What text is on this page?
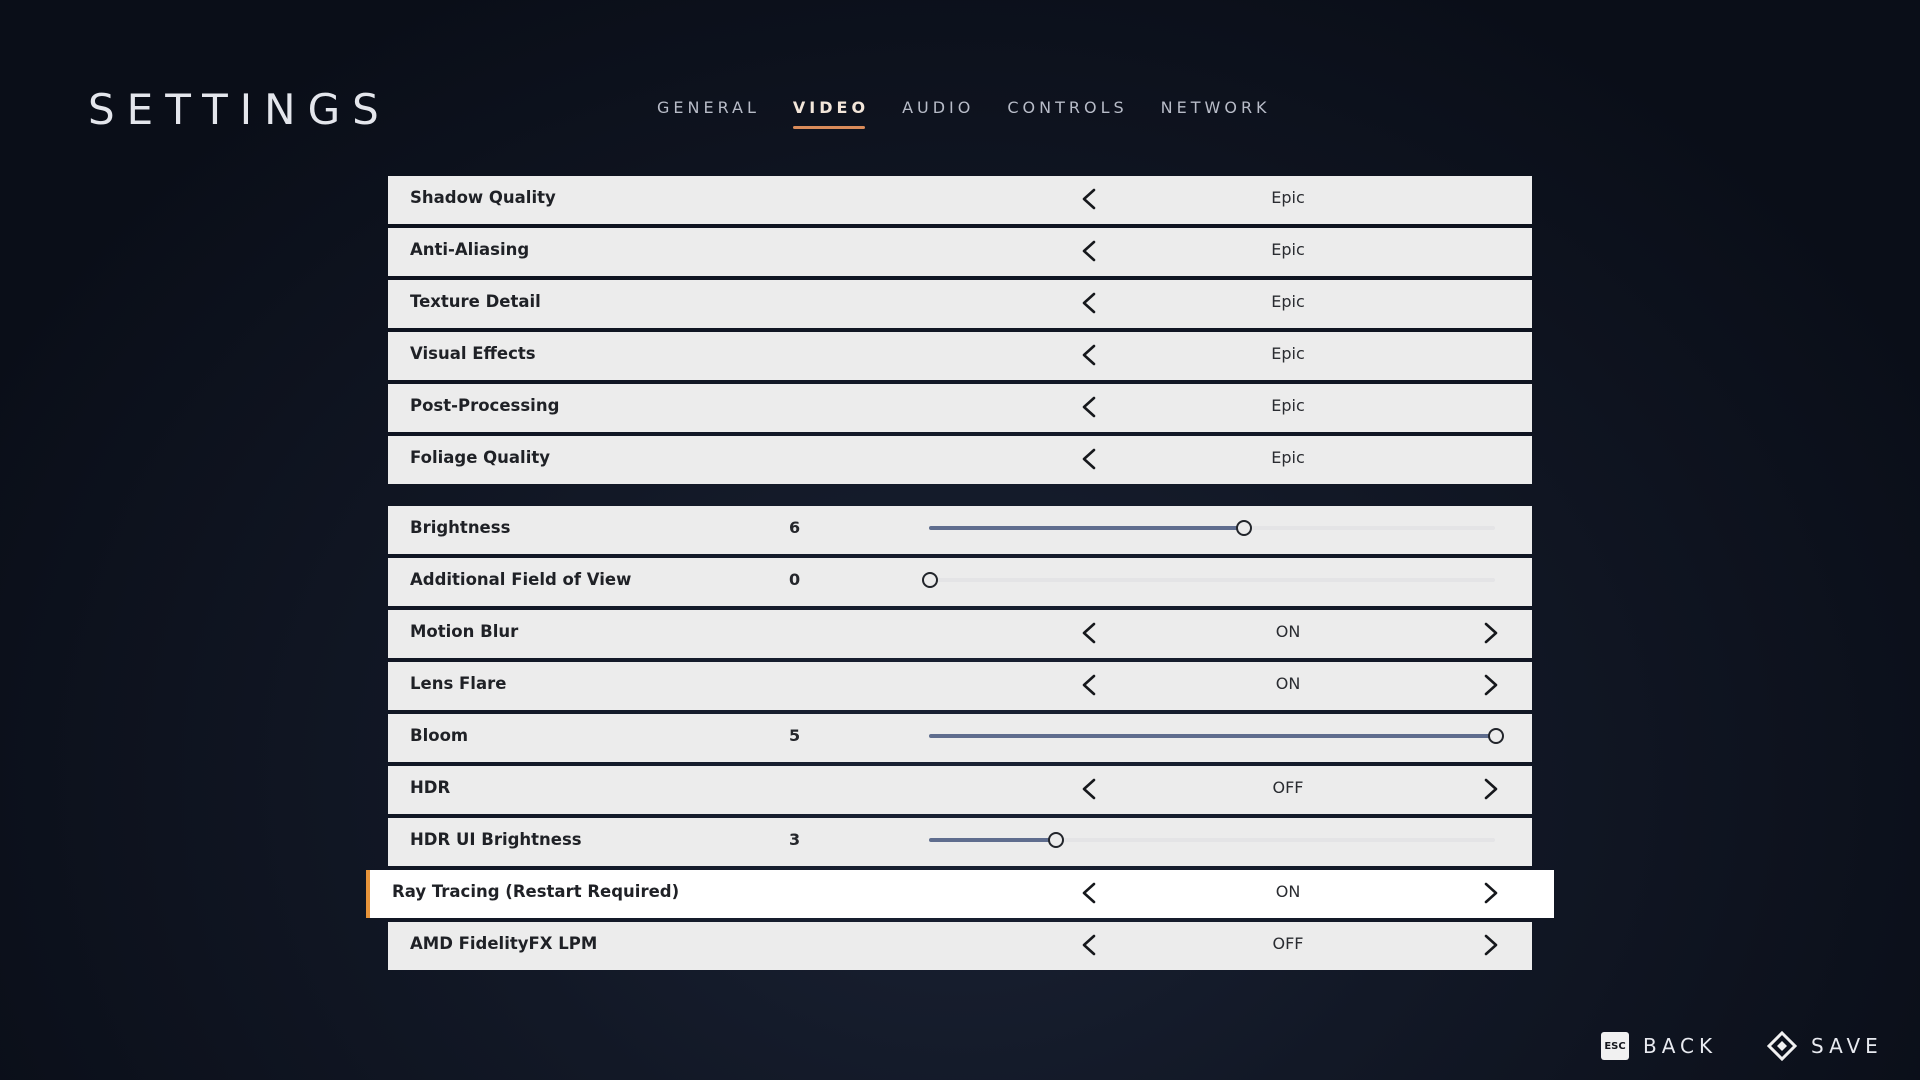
SETTINGS	GENERAL VIDEO AUDIO CONTROLS NETWORK
Shadow Quality	Epic
Anti-Aliasing	Epic
Texture Detail	Epic
Visual Effects	Epic
Post-Processing	Epic
Foliage Quality	Epic
Brightness	6
Additional Field of View	0
Motion Blur	ON
Lens Flare	ON
Bloom	5
HDR	OFF
HDR UI Brightness	3
Ray Tracing (Restart Required)	ON
AMD FidelityFX LPM	OFF
ESC BACK	SAVE
